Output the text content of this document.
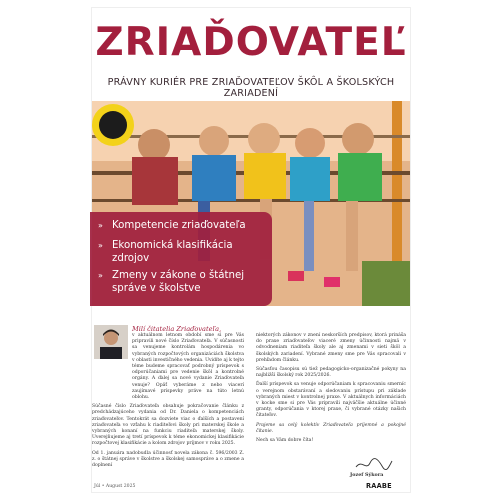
ZRIAĎOVATEĽ
PRÁVNY KURIÉR PRE ZRIAĎOVATEĽOV ŠKÔL A ŠKOLSKÝCH ZARIADENÍ
» Kompetencie zriaďovateľa
» Ekonomická klasifikácia zdrojov
» Zmeny v zákone o štátnej správe v školstve
Milí čitatelia Zriaďovateľa,

v aktuálnom letnom období sme si pre Vás pripravili nové číslo Zriaďovateľa. V súčasnosti sa venujeme kontrolám hospodárenia vo vybraných rozpočtových organizáciách školstva v oblasti investičného vedenia. Uvidíte aj k tejto téme budeme spracovať podrobný príspevok s odporúčaniami pre vedenie škôl a kontrolné orgány. A ďalej sa nové vydanie Zriaďovateľa venuje? Opäť vyberáme z nebo viacerí zaujímavé príspevky práve na túto letnú oblohu.

Súčasné číslo Zriaďovateľa obsahuje pokračovanie článku z predchádzajúceho vydania od Dr. Daniela o kompetenciách zriaďovateľov. Tentokrát sa dozviete viac o ďalších a postavení zriaďovateľa vo vzťahu k riaditeľovi školy pri materskej škole a vybraných konaní na funkciu riaditeľa materskej školy. Uverejňujeme aj tretí príspevok k téme ekonomickej klasifikácie rozpočtovej klasifikácie a kolom zdrojov príjmov v roku 2025.

Od 1. januára nadobudla účinnosť novela zákona č. 596/2003 Z. z. o štátnej správe v školstve a školskej samospráve a o zmene a doplnení

niektorých zákonov v znení neskorších predpisov, ktorá prináša do praxe zriaďovateľov viaceré zmeny účinnosti najmä v odvodneniam riaditeľa školy ale aj zmenami v sieti škôl a školských zariadení. Vybrané zmeny sme pre Vás spracovali v prehľadom článku.

Súčasťou časopisu sú tiež pedagogicko-organizačné pokyny na najbližší školský rok 2025/2026.

Ďalší príspevok sa venuje odporúčaniam k spracovaniu smerníc o verejnom obstarávaní a sledovaniu prístupu pri základe vybraných miest v kontrolnej praxe. V aktuálnych informáciách v kocke sme si pre Vás pripravili najväčšie aktuálne účinné granty, odporúčania v ktorej praxe, či vybrané otázky našich čitateľov.

Prajeme sa celý kolektív Zriaďovateľa príjemné a pokojné čítanie.

Nech sa Vám dobre číta!

Jozef Sýkora
Júl • August 2025	RAABE
